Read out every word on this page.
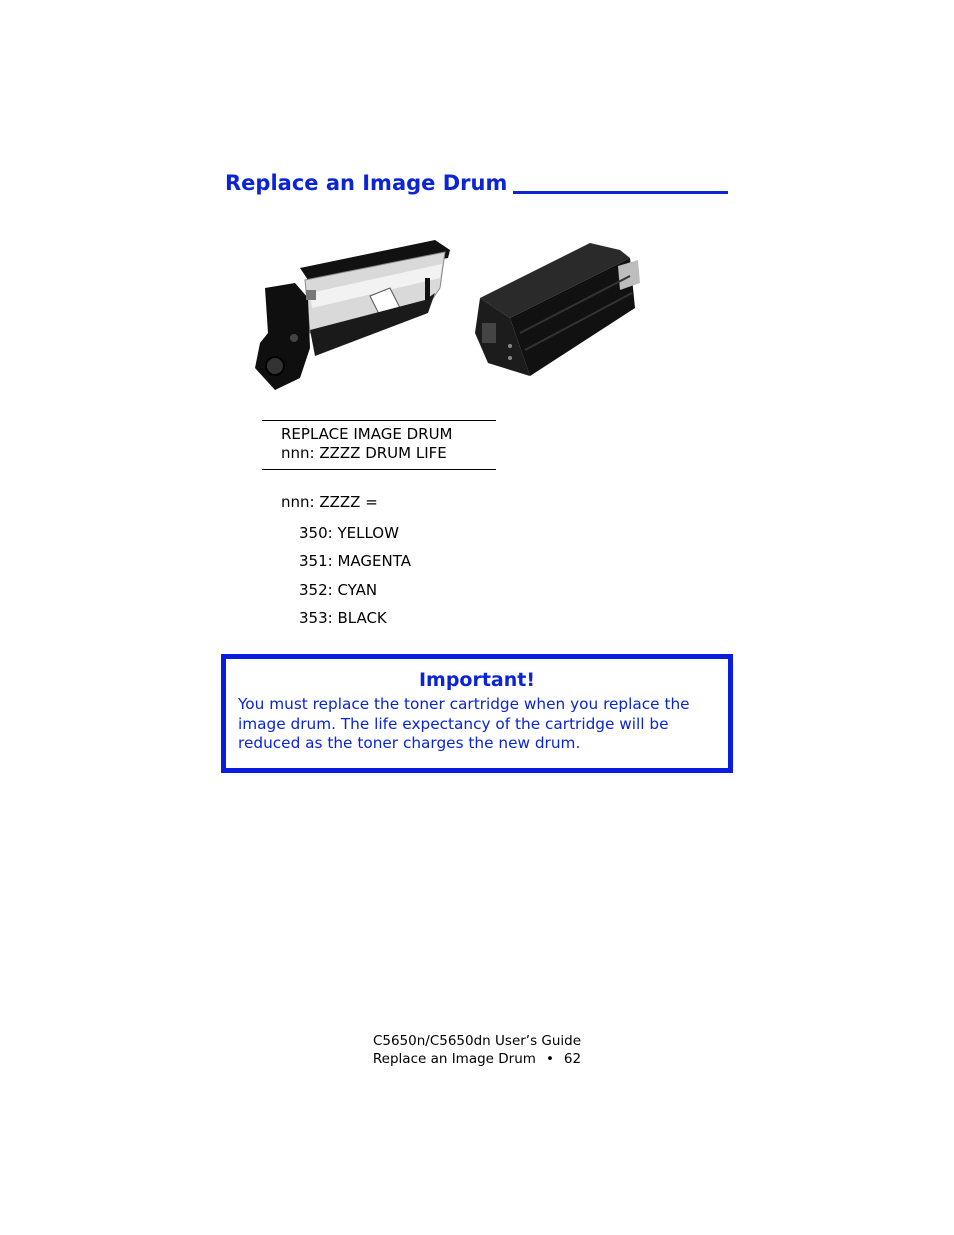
Replace an Image Drum
REPLACE IMAGE DRUM
nnn: ZZZZ DRUM LIFE
nnn: ZZZZ =
350: YELLOW
351: MAGENTA
352: CYAN
353: BLACK
Important!
You must replace the toner cartridge when you replace the image drum. The life expectancy of the cartridge will be reduced as the toner charges the new drum.
C5650n/C5650dn User’s Guide
Replace an Image Drum • 62
